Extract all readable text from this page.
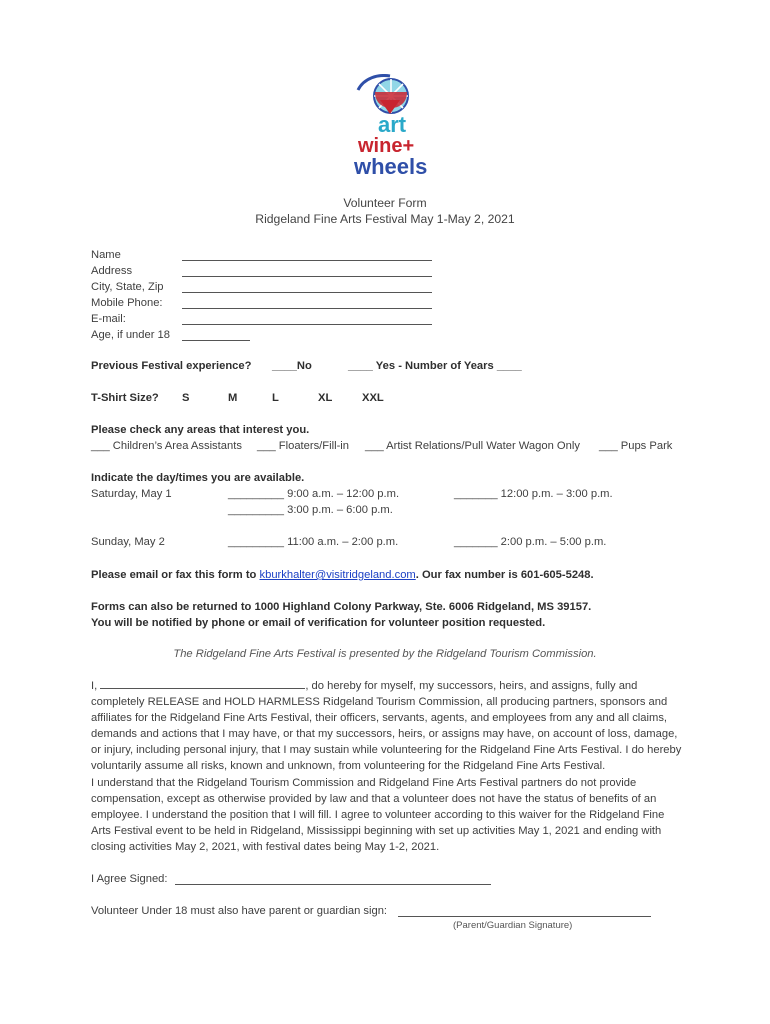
art
wine+
wheels
Volunteer Form
Ridgeland Fine Arts Festival May 1-May 2, 2021
Name
Address
City, State, Zip
Mobile Phone:
E-mail:
Age, if under 18
Previous Festival experience? ____No	____ Yes - Number of Years ____
T-Shirt Size? S	M	L	XL	XXL
Please check any areas that interest you.
___ Children’s Area Assistants ___ Floaters/Fill-in ___ Artist Relations/Pull Water Wagon Only ___ Pups Park
Indicate the day/times you are available.
Saturday, May 1	_________ 9:00 a.m. – 12:00 p.m.	_______ 12:00 p.m. – 3:00 p.m.
_________ 3:00 p.m. – 6:00 p.m.
Sunday, May 2	_________ 11:00 a.m. – 2:00 p.m.	_______ 2:00 p.m. – 5:00 p.m.
Please email or fax this form to kburkhalter@visitridgeland.com. Our fax number is 601-605-5248.
Forms can also be returned to 1000 Highland Colony Parkway, Ste. 6006 Ridgeland, MS 39157.
You will be notified by phone or email of verification for volunteer position requested.
The Ridgeland Fine Arts Festival is presented by the Ridgeland Tourism Commission.
I,	, do hereby for myself, my successors, heirs, and assigns, fully and completely RELEASE and HOLD HARMLESS Ridgeland Tourism Commission, all producing partners, sponsors and affiliates for the Ridgeland Fine Arts Festival, their officers, servants, agents, and employees from any and all claims, demands and actions that I may have, or that my successors, heirs, or assigns may have, on account of loss, damage, or injury, including personal injury, that I may sustain while volunteering for the Ridgeland Fine Arts Festival. I do hereby voluntarily assume all risks, known and unknown, from volunteering for the Ridgeland Fine Arts Festival.
I understand that the Ridgeland Tourism Commission and Ridgeland Fine Arts Festival partners do not provide compensation, except as otherwise provided by law and that a volunteer does not have the status of benefits of an employee. I understand the position that I will fill. I agree to volunteer according to this waiver for the Ridgeland Fine Arts Festival event to be held in Ridgeland, Mississippi beginning with set up activities May 1, 2021 and ending with closing activities May 2, 2021, with festival dates being May 1-2, 2021.
I Agree Signed:
Volunteer Under 18 must also have parent or guardian sign:
(Parent/Guardian Signature)
